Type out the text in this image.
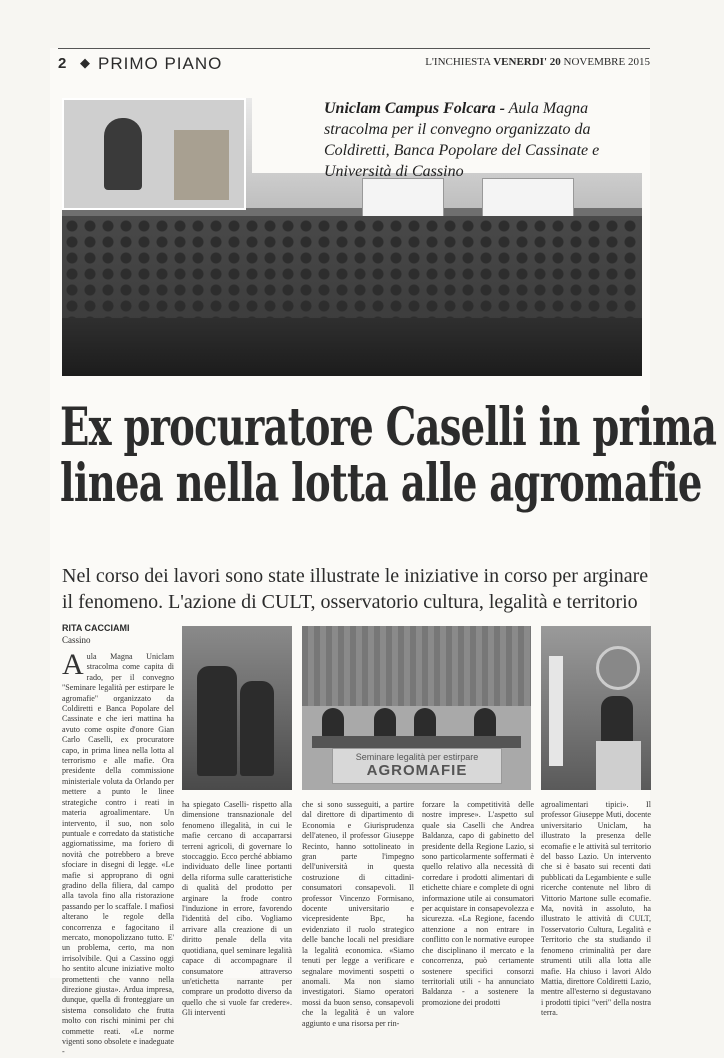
2 ◆ PRIMO PIANO	L'INCHIESTA VENERDI' 20 NOVEMBRE 2015

Uniclam Campus Folcara - Aula Magna stracolma per il convegno organizzato da Coldiretti, Banca Popolare del Cassinate e Università di Cassino

Ex procuratore Caselli in prima
linea nella lotta alle agromafie
Nel corso dei lavori sono state illustrate le iniziative in corso per arginare il fenomeno. L'azione di CULT, osservatorio cultura, legalità e territorio
RITA CACCIAMI
Cassino
Aula Magna Uniclam stracolma come capita di rado, per il convegno "Seminare legalità per estirpare le agromafie" organizzato da Coldiretti e Banca Popolare del Cassinate e che ieri mattina ha avuto come ospite d'onore Gian Carlo Caselli, ex procuratore capo, in prima linea nella lotta al terrorismo e alle mafie. Ora presidente della commissione ministeriale voluta da Orlando per mettere a punto le linee strategiche contro i reati in materia agroalimentare. Un intervento, il suo, non solo puntuale e corredato da statistiche aggiornatissime, ma foriero di novità che potrebbero a breve sfociare in disegni di legge. «Le mafie si approprano di ogni gradino della filiera, dal campo alla tavola fino alla ristorazione passando per lo scaffale. I mafiosi alterano le regole della concorrenza e fagocitano il mercato, monopolizzano tutto. E' un problema, certo, ma non irrisolvibile. Qui a Cassino oggi ho sentito alcune iniziative molto promettenti che vanno nella direzione giusta». Ardua impresa, dunque, quella di fronteggiare un sistema consolidato che frutta molto con rischi minimi per chi commette reati. «Le norme vigenti sono obsolete e inadeguate -
Seminare legalità per estirpare
AGROMAFIE
ha spiegato Caselli- rispetto alla dimensione transnazionale del fenomeno illegalità, in cui le mafie cercano di accaparrarsi terreni agricoli, di governare lo stoccaggio. Ecco perché abbiamo individuato delle linee portanti della riforma sulle caratteristiche di qualità del prodotto per arginare la frode contro l'induzione in errore, favorendo l'identità del cibo. Vogliamo arrivare alla creazione di un diritto penale della vita quotidiana, quel seminare legalità capace di accompagnare il consumatore attraverso un'etichetta narrante per comprare un prodotto diverso da quello che si vuole far credere». Gli interventi
che si sono susseguiti, a partire dal direttore di dipartimento di Economia e Giurisprudenza dell'ateneo, il professor Giuseppe Recinto, hanno sottolineato in gran parte l'impegno dell'università in questa costruzione di cittadini-consumatori consapevoli. Il professor Vincenzo Formisano, docente universitario e vicepresidente Bpc, ha evidenziato il ruolo strategico delle banche locali nel presidiare la legalità economica. «Siamo tenuti per legge a verificare e segnalare movimenti sospetti o anomali. Ma non siamo investigatori. Siamo operatori mossi da buon senso, consapevoli che la legalità è un valore aggiunto e una risorsa per rin-
forzare la competitività delle nostre imprese». L'aspetto sul quale sia Caselli che Andrea Baldanza, capo di gabinetto del presidente della Regione Lazio, si sono particolarmente soffermati è quello relativo alla necessità di corredare i prodotti alimentari di etichette chiare e complete di ogni informazione utile ai consumatori per acquistare in consapevolezza e sicurezza. «La Regione, facendo attenzione a non entrare in conflitto con le normative europee che disciplinano il mercato e la concorrenza, può certamente sostenere specifici consorzi territoriali utili - ha annunciato Baldanza - a sostenere la promozione dei prodotti
agroalimentari tipici». Il professor Giuseppe Muti, docente universitario Uniclam, ha illustrato la presenza delle ecomafie e le attività sul territorio del basso Lazio. Un intervento che si è basato sui recenti dati pubblicati da Legambiente e sulle ricerche contenute nel libro di Vittorio Martone sulle ecomafie. Ma, novità in assoluto, ha illustrato le attività di CULT, l'osservatorio Cultura, Legalità e Territorio che sta studiando il fenomeno criminalità per dare strumenti utili alla lotta alle mafie. Ha chiuso i lavori Aldo Mattia, direttore Coldiretti Lazio, mentre all'esterno si degustavano i prodotti tipici "veri" della nostra terra.
